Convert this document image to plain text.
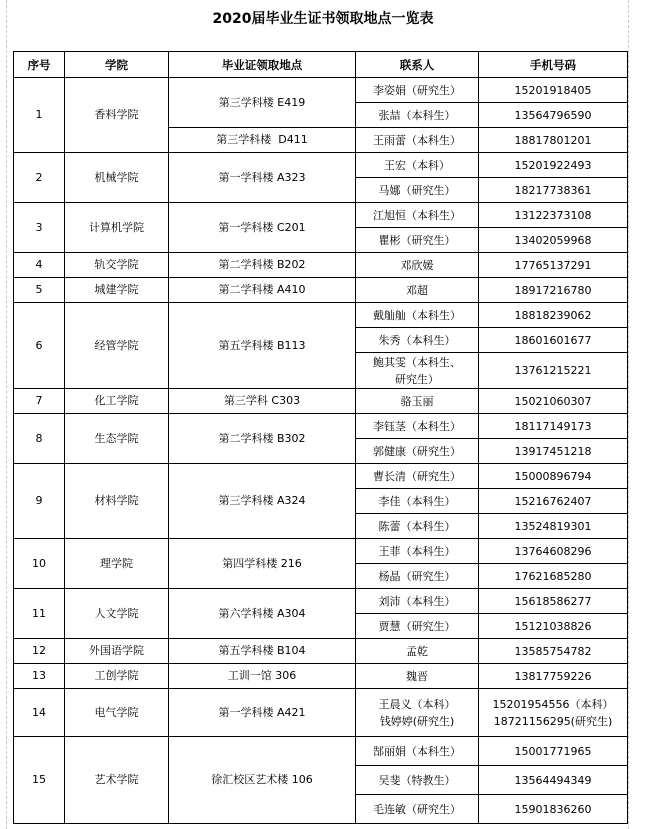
2020届毕业生证书领取地点一览表
序号	学院	毕业证领取地点	联系人	手机号码
1	香料学院	第三学科楼 E419	李姿娟（研究生）	15201918405
			张喆（本科生）	13564796590
		第三学科楼  D411	王雨蕾（本科生）	18817801201
2	机械学院	第一学科楼 A323	王宏（本科）	15201922493
			马娜（研究生）	18217738361
3	计算机学院	第一学科楼 C201	江旭恒（本科生）	13122373108
			瞿彬（研究生）	13402059968
4	轨交学院	第二学科楼 B202	邓欣媛	17765137291
5	城建学院	第二学科楼 A410	邓超	18917216780
6	经管学院	第五学科楼 B113	戴舢舢（本科生）	18818239062
			朱秀（本科生）	18601601677
			鲍其雯（本科生、
研究生）	13761215221
7	化工学院	第三学科 C303	骆玉丽	15021060307
8	生态学院	第二学科楼 B302	李钰茎（本科生）	18117149173
			郭健康（研究生）	13917451218
9	材料学院	第三学科楼 A324	曹长清（研究生）	15000896794
			李佳（本科生）	15216762407
			陈蕾（本科生）	13524819301
10	理学院	第四学科楼 216	王菲（本科生）	13764608296
			杨晶（研究生）	17621685280
11	人文学院	第六学科楼 A304	刘沛（本科生）	15618586277
			贾慧（研究生）	15121038826
12	外国语学院	第五学科楼 B104	孟乾	13585754782
13	工创学院	工训一馆 306	魏晋	13817759226
14	电气学院	第一学科楼 A421	王晨义（本科）
钱婷婷(研究生)	15201954556（本科）
18721156295(研究生)
15	艺术学院	徐汇校区艺术楼 106	郜丽娟（本科生）	15001771965
			吴斐（特教生）	13564494349
			毛连敏（研究生）	15901836260
